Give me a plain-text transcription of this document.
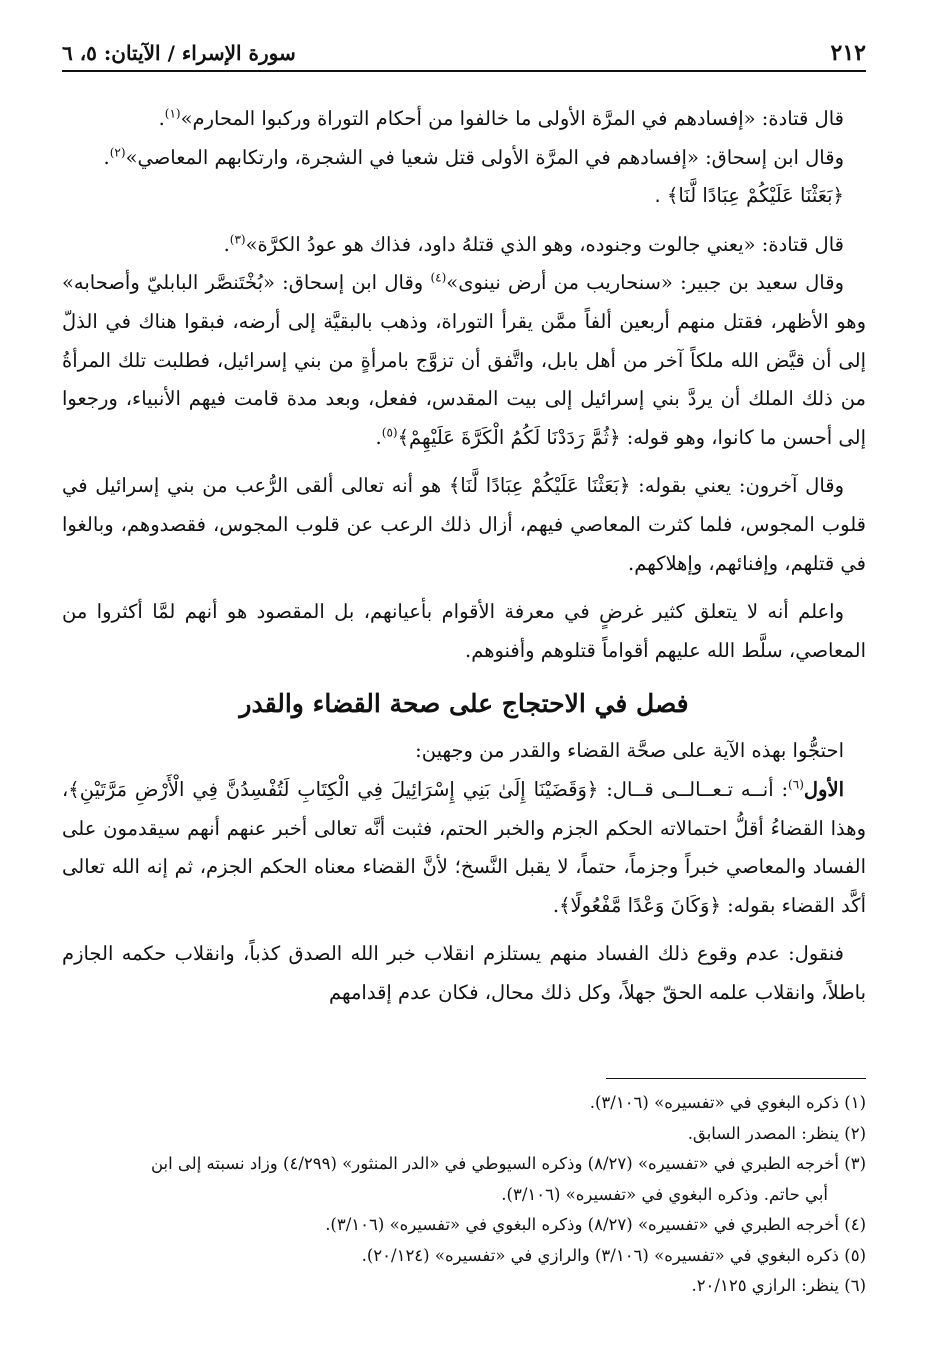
٢١٢
سورة الإسراء / الآيتان: ٥، ٦

قال قتادة: «إفسادهم في المرَّة الأولى ما خالفوا من أحكام التوراة وركبوا المحارم»$^{(١)}$.

وقال ابن إسحاق: «إفسادهم في المرَّة الأولى قتل شعيا في الشجرة، وارتكابهم المعاصي»$^{(٢)}$.

﴿بَعَثْنَا عَلَيْكُمْ عِبَادًا لَّنَا﴾ .

قال قتادة: «يعني جالوت وجنوده، وهو الذي قتلهُ داود، فذاك هو عودُ الكرَّة»$^{(٣)}$.

وقال سعيد بن جبير: «سنحاريب من أرض نينوى»$^{(٤)}$ وقال ابن إسحاق: «بُخْتَنصَّر البابليّ وأصحابه» وهو الأظهر، فقتل منهم أربعين ألفاً ممَّن يقرأ التوراة، وذهب بالبقيَّة إلى أرضه، فبقوا هناك في الذلّ إلى أن قيَّض الله ملكاً آخر من أهل بابل، واتَّفق أن تزوَّج بامرأةٍ من بني إسرائيل، فطلبت تلك المرأةُ من ذلك الملك أن يردَّ بني إسرائيل إلى بيت المقدس، ففعل، وبعد مدة قامت فيهم الأنبياء، ورجعوا إلى أحسن ما كانوا، وهو قوله: ﴿ثُمَّ رَدَدْنَا لَكُمُ الْكَرَّةَ عَلَيْهِمْ﴾$^{(٥)}$.

وقال آخرون: يعني بقوله: ﴿بَعَثْنَا عَلَيْكُمْ عِبَادًا لَّنَا﴾ هو أنه تعالى ألقى الرُّعب من بني إسرائيل في قلوب المجوس، فلما كثرت المعاصي فيهم، أزال ذلك الرعب عن قلوب المجوس، فقصدوهم، وبالغوا في قتلهم، وإفنائهم، وإهلاكهم.

واعلم أنه لا يتعلق كثير غرضٍ في معرفة الأقوام بأعيانهم، بل المقصود هو أنهم لمَّا أكثروا من المعاصي، سلَّط الله عليهم أقواماً قتلوهم وأفنوهم.

فصل في الاحتجاج على صحة القضاء والقدر

احتجُّوا بهذه الآية على صحَّة القضاء والقدر من وجهين:

الأول$^{(٦)}$: أنــه تـعــالــى قــال: ﴿وَقَضَيْنَا إِلَىٰ بَنِي إِسْرَائِيلَ فِي الْكِتَابِ لَتُفْسِدُنَّ فِي الْأَرْضِ مَرَّتَيْنِ﴾، وهذا القضاءُ أقلُّ احتمالاته الحكم الجزم والخبر الحتم، فثبت أنَّه تعالى أخبر عنهم أنهم سيقدمون على الفساد والمعاصي خبراً وجزماً، حتماً، لا يقبل النَّسخ؛ لأنَّ القضاء معناه الحكم الجزم، ثم إنه الله تعالى أكَّد القضاء بقوله: ﴿وَكَانَ وَعْدًا مَّفْعُولًا﴾.

فنقول: عدم وقوع ذلك الفساد منهم يستلزم انقلاب خبر الله الصدق كذباً، وانقلاب حكمه الجازم باطلاً، وانقلاب علمه الحقّ جهلاً، وكل ذلك محال، فكان عدم إقدامهم

(١) ذكره البغوي في «تفسيره» (٣/١٠٦).

(٢) ينظر: المصدر السابق.

(٣) أخرجه الطبري في «تفسيره» (٨/٢٧) وذكره السيوطي في «الدر المنثور» (٤/٢٩٩) وزاد نسبته إلى ابن

أبي حاتم. وذكره البغوي في «تفسيره» (٣/١٠٦).

(٤) أخرجه الطبري في «تفسيره» (٨/٢٧) وذكره البغوي في «تفسيره» (٣/١٠٦).

(٥) ذكره البغوي في «تفسيره» (٣/١٠٦) والرازي في «تفسيره» (٢٠/١٢٤).

(٦) ينظر: الرازي ٢٠/١٢٥.
